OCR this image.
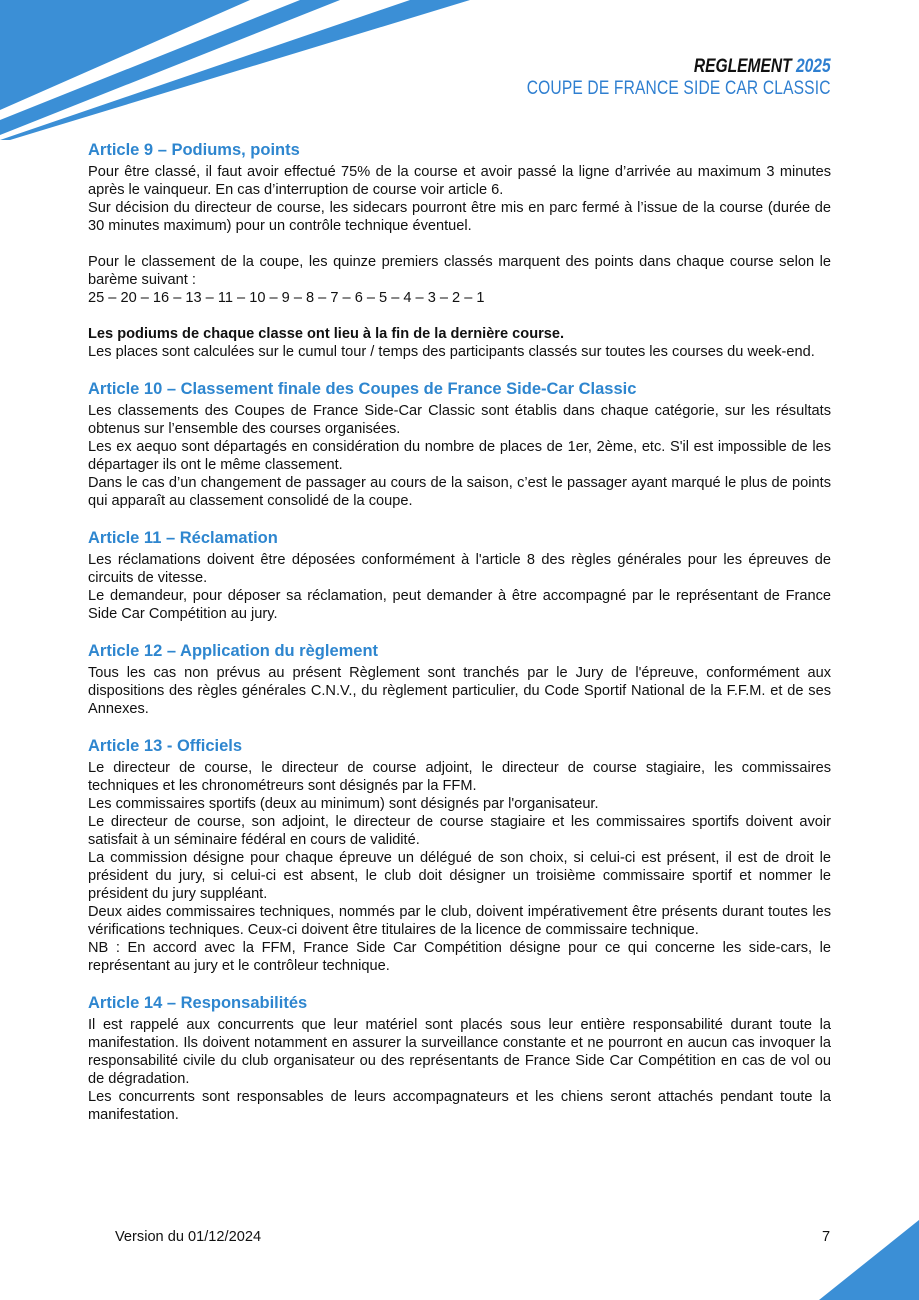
REGLEMENT 2025
COUPE DE FRANCE SIDE CAR CLASSIC
Article 9 – Podiums, points

Pour être classé, il faut avoir effectué 75% de la course et avoir passé la ligne d’arrivée au maximum 3 minutes après le vainqueur. En cas d’interruption de course voir article 6.

Sur décision du directeur de course, les sidecars pourront être mis en parc fermé à l’issue de la course (durée de 30 minutes maximum) pour un contrôle technique éventuel.

Pour le classement de la coupe, les quinze premiers classés marquent des points dans chaque course selon le barème suivant :

25 – 20 – 16 – 13 – 11 – 10 – 9 – 8 – 7 – 6 – 5 – 4 – 3 – 2 – 1

Les podiums de chaque classe ont lieu à la fin de la dernière course.

Les places sont calculées sur le cumul tour / temps des participants classés sur toutes les courses du week-end.

Article 10 – Classement finale des Coupes de France Side-Car Classic

Les classements des Coupes de France Side-Car Classic sont établis dans chaque catégorie, sur les résultats obtenus sur l’ensemble des courses organisées.

Les ex aequo sont départagés en considération du nombre de places de 1er, 2ème, etc. S'il est impossible de les départager ils ont le même classement.

Dans le cas d’un changement de passager au cours de la saison, c’est le passager ayant marqué le plus de points qui apparaît au classement consolidé de la coupe.

Article 11 – Réclamation

Les réclamations doivent être déposées conformément à l'article 8 des règles générales pour les épreuves de circuits de vitesse.

Le demandeur, pour déposer sa réclamation, peut demander à être accompagné par le représentant de France Side Car Compétition au jury.

Article 12 – Application du règlement

Tous les cas non prévus au présent Règlement sont tranchés par le Jury de l'épreuve, conformément aux dispositions des règles générales C.N.V., du règlement particulier, du Code Sportif National de la F.F.M. et de ses Annexes.

Article 13 - Officiels

Le directeur de course, le directeur de course adjoint, le directeur de course stagiaire, les commissaires techniques et les chronométreurs sont désignés par la FFM.

Les commissaires sportifs (deux au minimum) sont désignés par l'organisateur.

Le directeur de course, son adjoint, le directeur de course stagiaire et les commissaires sportifs doivent avoir satisfait à un séminaire fédéral en cours de validité.

La commission désigne pour chaque épreuve un délégué de son choix, si celui-ci est présent, il est de droit le président du jury, si celui-ci est absent, le club doit désigner un troisième commissaire sportif et nommer le président du jury suppléant.

Deux aides commissaires techniques, nommés par le club, doivent impérativement être présents durant toutes les vérifications techniques. Ceux-ci doivent être titulaires de la licence de commissaire technique.

NB : En accord avec la FFM, France Side Car Compétition désigne pour ce qui concerne les side-cars, le représentant au jury et le contrôleur technique.

Article 14 – Responsabilités

Il est rappelé aux concurrents que leur matériel sont placés sous leur entière responsabilité durant toute la manifestation. Ils doivent notamment en assurer la surveillance constante et ne pourront en aucun cas invoquer la responsabilité civile du club organisateur ou des représentants de France Side Car Compétition en cas de vol ou de dégradation.

Les concurrents sont responsables de leurs accompagnateurs et les chiens seront attachés pendant toute la manifestation.

Version du 01/12/2024	7
